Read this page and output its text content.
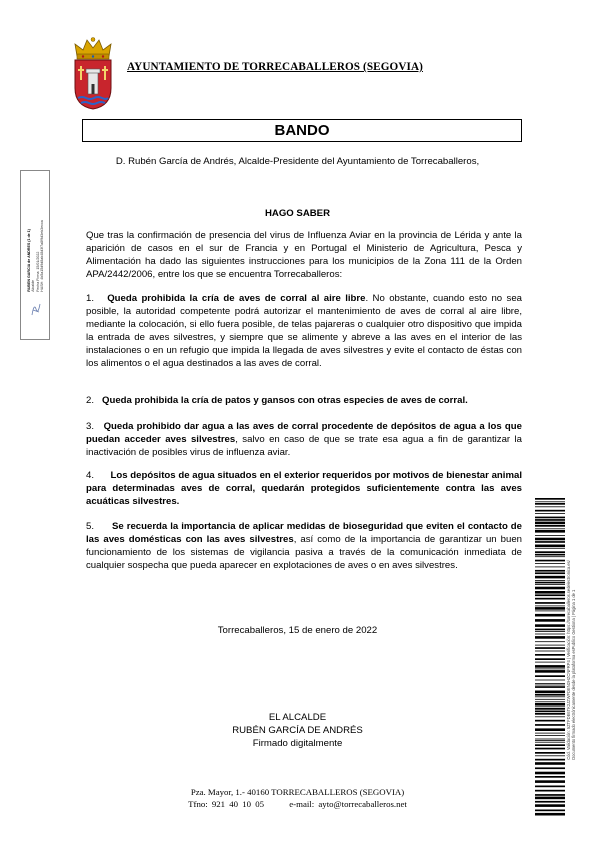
AYUNTAMIENTO DE TORRECABALLEROS (SEGOVIA)
BANDO
D. Rubén García de Andrés, Alcalde-Presidente del Ayuntamiento de Torrecaballeros,
HAGO SABER
Que tras la confirmación de presencia del virus de Influenza Aviar en la provincia de Lérida y ante la aparición de casos en el sur de Francia y en Portugal el Ministerio de Agricultura, Pesca y Alimentación ha dado las siguientes instrucciones para los municipios de la Zona 111 de la Orden APA/2442/2006, entre los que se encuentra Torrecaballeros:
1. Queda prohibida la cría de aves de corral al aire libre. No obstante, cuando esto no sea posible, la autoridad competente podrá autorizar el mantenimiento de aves de corral al aire libre, mediante la colocación, si ello fuera posible, de telas pajareras o cualquier otro dispositivo que impida la entrada de aves silvestres, y siempre que se alimente y abreve a las aves en el interior de las instalaciones o en un refugio que impida la llegada de aves silvestres y evite el contacto de éstas con los alimentos o el agua destinados a las aves de corral.
2. Queda prohibida la cría de patos y gansos con otras especies de aves de corral.
3. Queda prohibido dar agua a las aves de corral procedente de depósitos de agua a los que puedan acceder aves silvestres, salvo en caso de que se trate esa agua a fin de garantizar la inactivación de posibles virus de influenza aviar.
4. Los depósitos de agua situados en el exterior requeridos por motivos de bienestar animal para determinadas aves de corral, quedarán protegidos suficientemente contra las aves acuáticas silvestres.
5. Se recuerda la importancia de aplicar medidas de bioseguridad que eviten el contacto de las aves domésticas con las aves silvestres, así como de la importancia de garantizar un buen funcionamiento de los sistemas de vigilancia pasiva a través de la comunicación inmediata de cualquier sospecha que pueda aparecer en explotaciones de aves o en aves silvestres.
Torrecaballeros, 15 de enero de 2022
EL ALCALDE
RUBÉN GARCÍA DE ANDRÉS
Firmado digitalmente
Pza. Mayor, 1.- 40160 TORRECABALLEROS (SEGOVIA)
Tfno: 921 40 10 05	e-mail: ayto@torrecaballeros.net
RUBEN GARCIA de ANDRES (1 de 1) Alcalde Fecha Firma: 15/01/2022 HASH: 4b5a15d9d8ab48d3f7a8f9d3eb3ecca
Cód. Validación: 5ZTFDE6TK2JZWFDEN2HZCNFRP4 | Verificación: https://torrecaballeros.sedelectronica.es/ Documento firmado electrónicamente desde la plataforma esPublico Gestiona | Página 1 de 1
